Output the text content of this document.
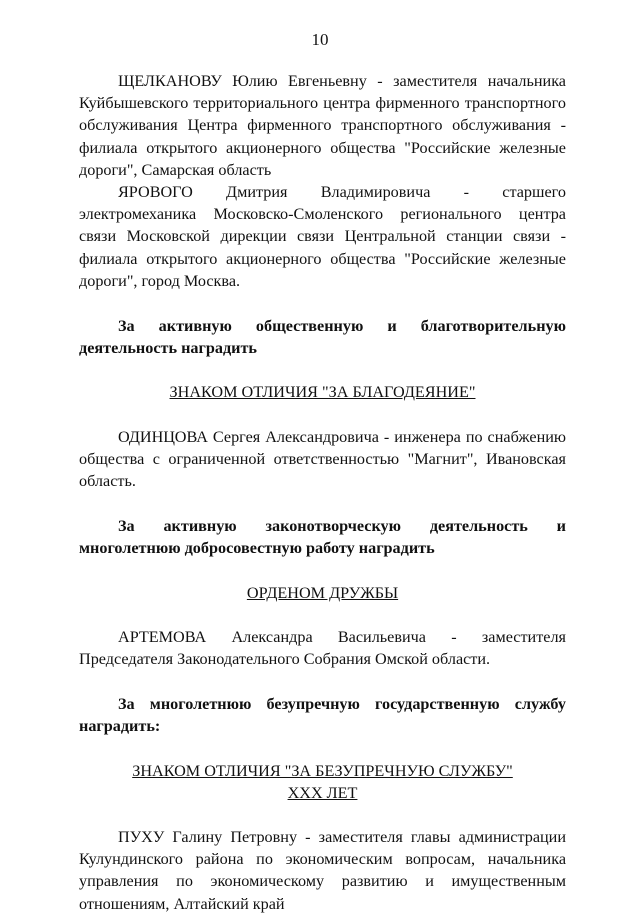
10

ЩЕЛКАНОВУ Юлию Евгеньевну - заместителя начальника Куйбышевского территориального центра фирменного транспортного обслуживания Центра фирменного транспортного обслуживания - филиала открытого акционерного общества "Российские железные дороги", Самарская область

ЯРОВОГО Дмитрия Владимировича - старшего электромеханика Московско-Смоленского регионального центра связи Московской дирекции связи Центральной станции связи - филиала открытого акционерного общества "Российские железные дороги", город Москва.

За активную общественную и благотворительную деятельность наградить

ЗНАКОМ ОТЛИЧИЯ "ЗА БЛАГОДЕЯНИЕ"

ОДИНЦОВА Сергея Александровича - инженера по снабжению общества с ограниченной ответственностью "Магнит", Ивановская область.

За активную законотворческую деятельность и многолетнюю добросовестную работу наградить

ОРДЕНОМ ДРУЖБЫ

АРТЕМОВА Александра Васильевича - заместителя Председателя Законодательного Собрания Омской области.

За многолетнюю безупречную государственную службу наградить:

ЗНАКОМ ОТЛИЧИЯ "ЗА БЕЗУПРЕЧНУЮ СЛУЖБУ"

XXX ЛЕТ

ПУХУ Галину Петровну - заместителя главы администрации Кулундинского района по экономическим вопросам, начальника управления по экономическому развитию и имущественным отношениям, Алтайский край
